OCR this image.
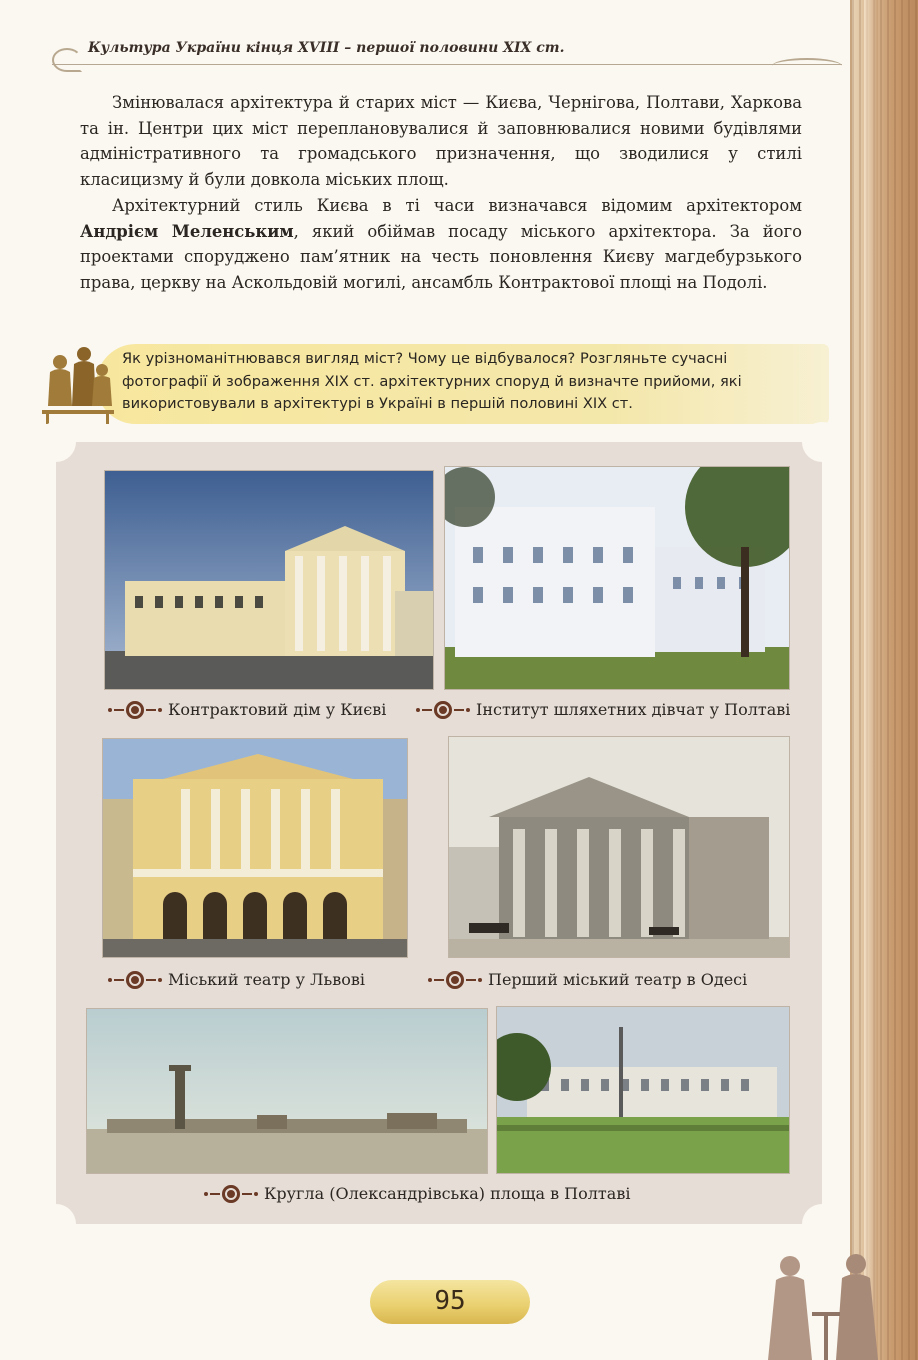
Культура України кінця XVIII – першої половини XIX ст.

Змінювалася архітектура й старих міст — Києва, Чернігова, Полтави, Харкова та ін. Центри цих міст переплановувалися й заповнювалися новими будівлями адміністративного та громадського призначення, що зводилися у стилі класицизму й були довкола міських площ.

Архітектурний стиль Києва в ті часи визначався відомим архітектором Андрієм Меленським, який обіймав посаду міського архітектора. За його проектами споруджено пам’ятник на честь поновлення Києву магдебурзького права, церкву на Аскольдовій могилі, ансамбль Контрактової площі на Подолі.

Як урізноманітнювався вигляд міст? Чому це відбувалося? Розгляньте сучасні фотографії й зображення XIX ст. архітектурних споруд й визначте прийоми, які використовували в архітектурі в Україні в першій половині XIX ст.
Контрактовий дім у Києві	Інститут шляхетних дівчат у Полтаві
Міський театр у Львові	Перший міський театр в Одесі
Кругла (Олександрівська) площа в Полтаві
95
